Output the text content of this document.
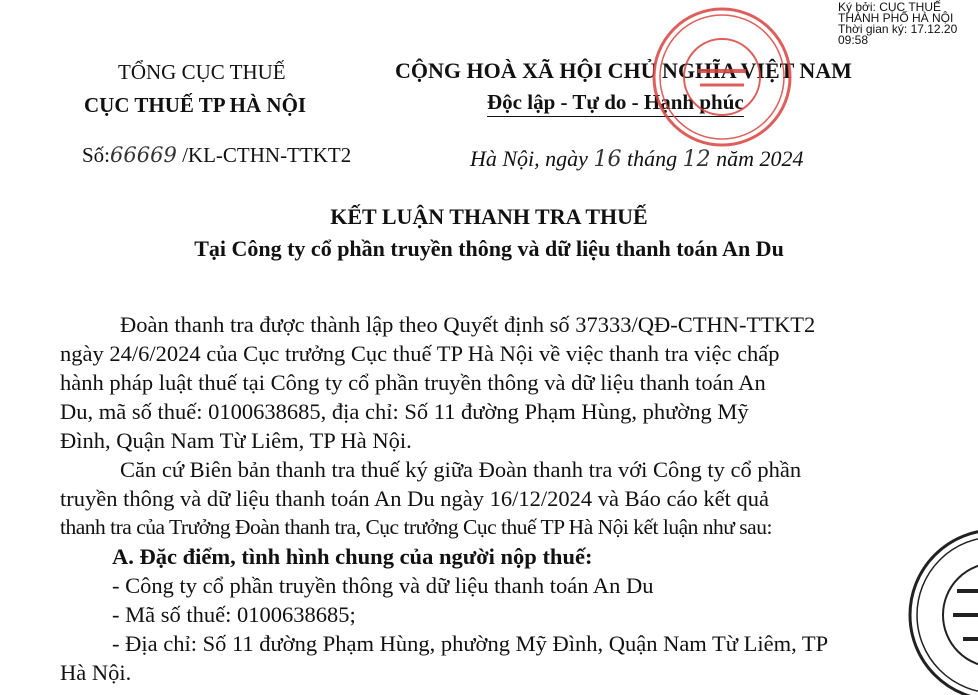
Ký bởi: CỤC THUẾ
THÀNH PHỐ HÀ NỘI
Thời gian ký: 17.12.20
09:58
TỔNG CỤC THUẾ
CỤC THUẾ TP HÀ NỘI
Số:66669 /KL-CTHN-TTKT2
CỘNG HOÀ XÃ HỘI CHỦ NGHĨA VIỆT NAM
Độc lập - Tự do - Hạnh phúc
Hà Nội, ngày 16 tháng 12 năm 2024
KẾT LUẬN THANH TRA THUẾ
Tại Công ty cổ phần truyền thông và dữ liệu thanh toán An Du
Đoàn thanh tra được thành lập theo Quyết định số 37333/QĐ-CTHN-TTKT2
ngày 24/6/2024 của Cục trưởng Cục thuế TP Hà Nội về việc thanh tra việc chấp
hành pháp luật thuế tại Công ty cổ phần truyền thông và dữ liệu thanh toán An
Du, mã số thuế: 0100638685, địa chỉ: Số 11 đường Phạm Hùng, phường Mỹ
Đình, Quận Nam Từ Liêm, TP Hà Nội.
Căn cứ Biên bản thanh tra thuế ký giữa Đoàn thanh tra với Công ty cổ phần
truyền thông và dữ liệu thanh toán An Du ngày 16/12/2024 và Báo cáo kết quả
thanh tra của Trưởng Đoàn thanh tra, Cục trưởng Cục thuế TP Hà Nội kết luận như sau:
A. Đặc điểm, tình hình chung của người nộp thuế:
- Công ty cổ phần truyền thông và dữ liệu thanh toán An Du
- Mã số thuế: 0100638685;
- Địa chỉ: Số 11 đường Phạm Hùng, phường Mỹ Đình, Quận Nam Từ Liêm, TP
Hà Nội.
